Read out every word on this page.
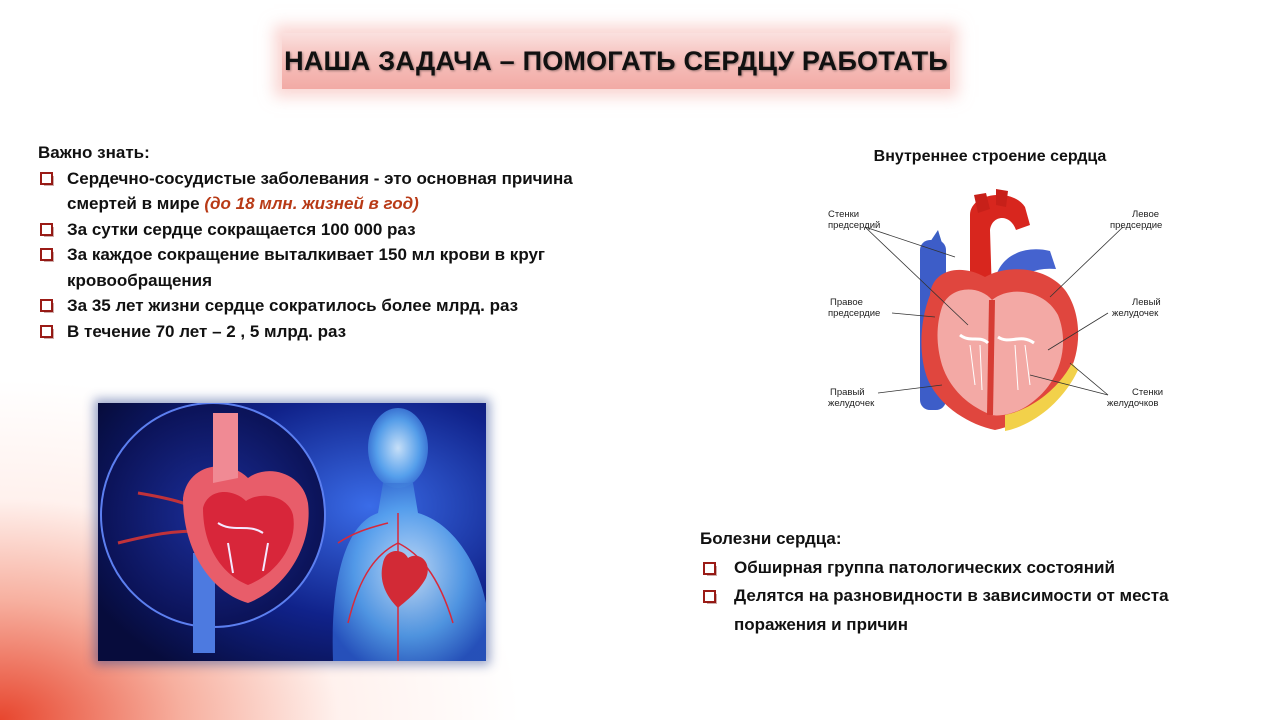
НАША ЗАДАЧА – ПОМОГАТЬ СЕРДЦУ РАБОТАТЬ

Важно знать:

Сердечно-сосудистые заболевания - это основная причина смертей в мире (до 18 млн. жизней в год)
За сутки сердце сокращается 100 000 раз
За каждое сокращение выталкивает 150 мл крови в круг кровообращения
За 35 лет жизни сердце сократилось более млрд. раз
В течение 70 лет – 2 , 5 млрд. раз
Внутреннее строение сердца
Стенки
предсердий
Левое
предсердие
Правое
предсердие
Левый
желудочек
Правый
желудочек
Стенки
желудочков

Болезни сердца:

Обширная группа патологических состояний
Делятся на разновидности в зависимости от места поражения и причин
